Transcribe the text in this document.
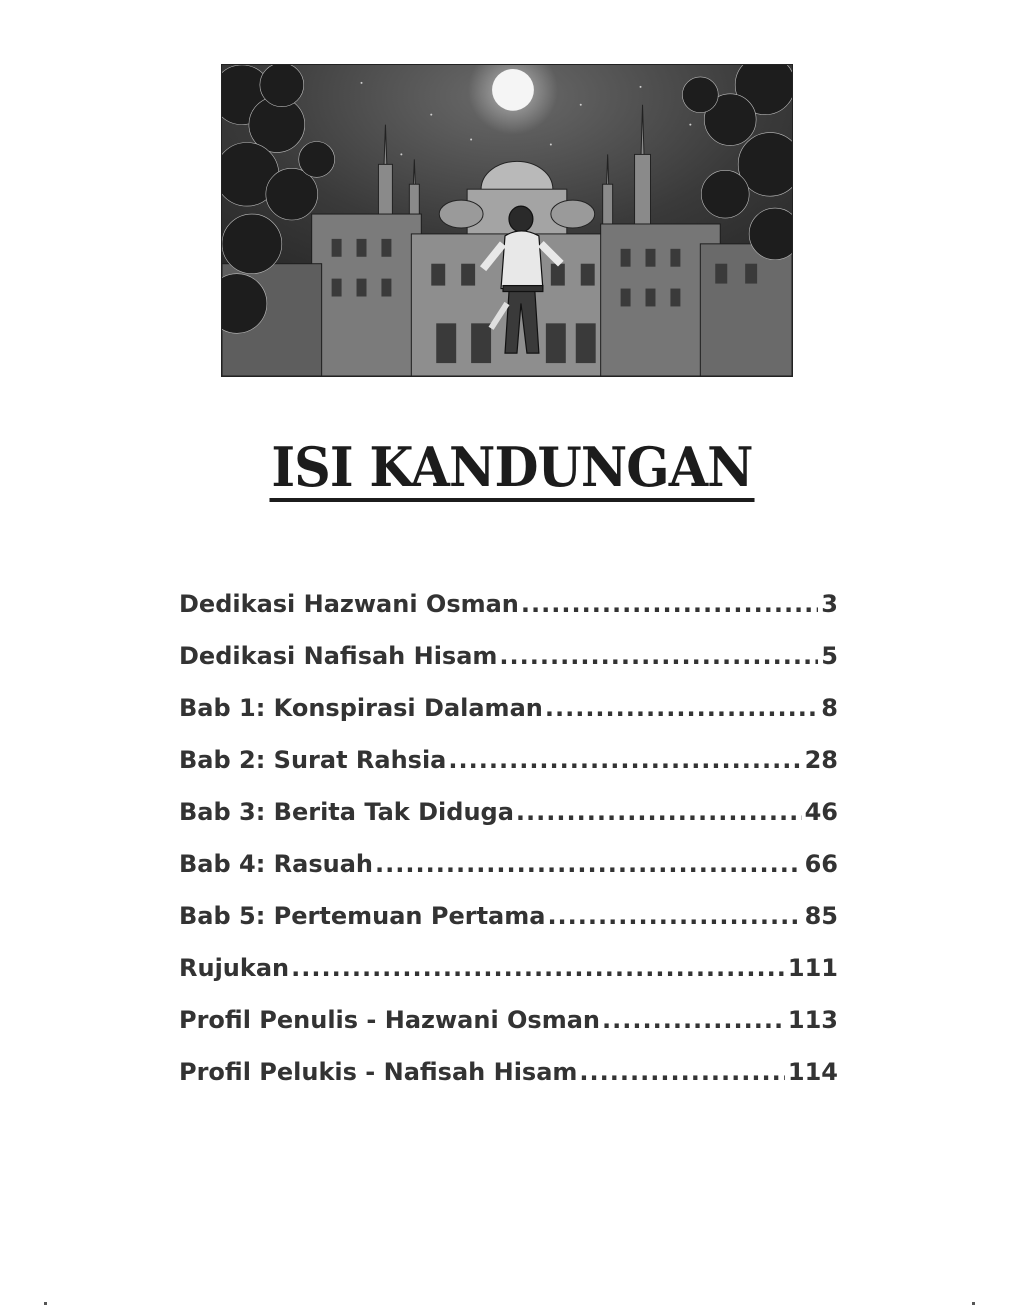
ISI KANDUNGAN
Dedikasi Hazwani Osman .....	3
Dedikasi Nafisah Hisam .....	5
Bab 1: Konspirasi Dalaman .....	8
Bab 2: Surat Rahsia .....	28
Bab 3: Berita Tak Diduga .....	46
Bab 4: Rasuah .....	66
Bab 5: Pertemuan Pertama .....	85
Rujukan .....	111
Profil Penulis - Hazwani Osman .....	113
Profil Pelukis - Nafisah Hisam .....	114
